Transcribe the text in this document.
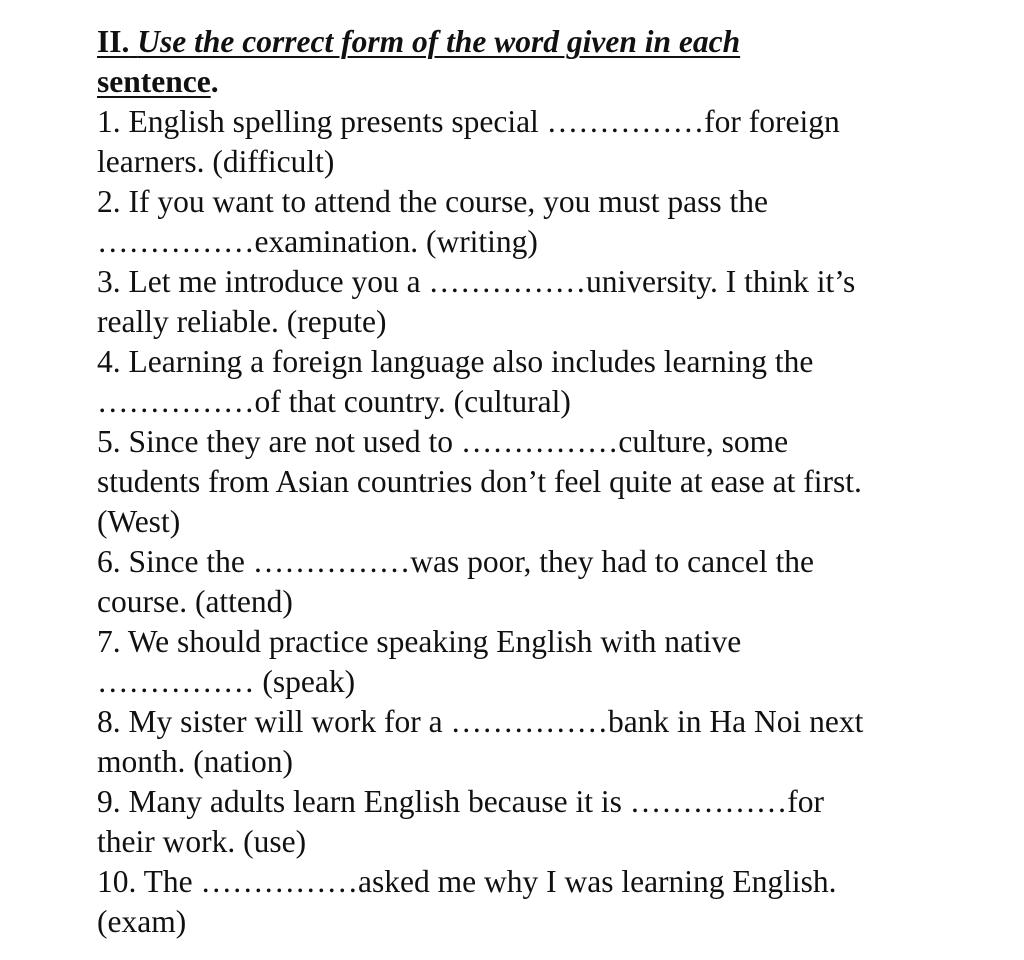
II. Use the correct form of the word given in each
sentence.
1. English spelling presents special ……………for foreign
learners. (difficult)
2. If you want to attend the course, you must pass the
……………examination. (writing)
3. Let me introduce you a ……………university. I think it’s
really reliable. (repute)
4. Learning a foreign language also includes learning the
……………of that country. (cultural)
5. Since they are not used to ……………culture, some
students from Asian countries don’t feel quite at ease at first.
(West)
6. Since the ……………was poor, they had to cancel the
course. (attend)
7. We should practice speaking English with native
…………… (speak)
8. My sister will work for a ……………bank in Ha Noi next
month. (nation)
9. Many adults learn English because it is ……………for
their work. (use)
10. The ……………asked me why I was learning English.
(exam)
